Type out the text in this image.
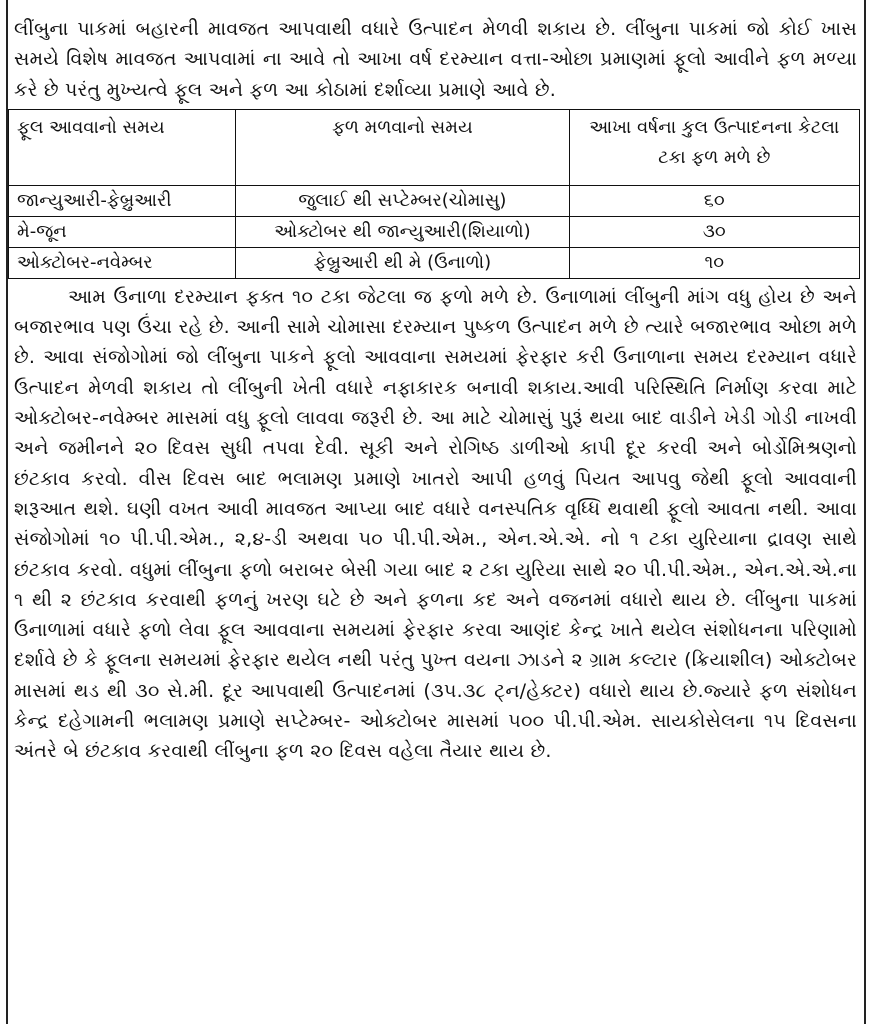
લીંબુના પાકમાં બહારની માવજત આપવાથી વધારે ઉત્પાદન મેળવી શકાય છે. લીંબુના પાકમાં જો કોઈ ખાસ સમયે વિશેષ માવજત આપવામાં ના આવે તો આખા વર્ષ દરમ્યાન વત્તા-ઓછા પ્રમાણમાં ફૂલો આવીને ફળ મળ્યા કરે છે પરંતુ મુખ્યત્વે ફૂલ અને ફળ આ કોઠામાં દર્શાવ્યા પ્રમાણે આવે છે.

ફૂલ આવવાનો સમય	ફળ મળવાનો સમય	આખા વર્ષના કુલ ઉત્પાદનના કેટલા ટકા ફળ મળે છે
જાન્યુઆરી-ફેબ્રુઆરી	જુલાઈ થી સપ્ટેમ્બર(ચોમાસુ)	૬૦
મે-જૂન	ઓક્ટોબર થી જાન્યુઆરી(શિયાળો)	૩૦
ઓક્ટોબર-નવેમ્બર	ફેબ્રુઆરી થી મે (ઉનાળો)	૧૦

આમ ઉનાળા દરમ્યાન ફક્ત ૧૦ ટકા જેટલા જ ફળો મળે છે. ઉનાળામાં લીંબુની માંગ વધુ હોય છે અને બજારભાવ પણ ઉંચા રહે છે. આની સામે ચોમાસા દરમ્યાન પુષ્કળ ઉત્પાદન મળે છે ત્યારે બજારભાવ ઓછા મળે છે. આવા સંજોગોમાં જો લીંબુના પાકને ફૂલો આવવાના સમયમાં ફેરફાર કરી ઉનાળાના સમય દરમ્યાન વધારે ઉત્પાદન મેળવી શકાય તો લીંબુની ખેતી વધારે નફાકારક બનાવી શકાય.આવી પરિસ્થિતિ નિર્માણ કરવા માટે ઓક્ટોબર-નવેમ્બર માસમાં વધુ ફૂલો લાવવા જરૂરી છે. આ માટે ચોમાસું પુરૂં થયા બાદ વાડીને ખેડી ગોડી નાખવી અને જમીનને ૨૦ દિવસ સુધી તપવા દેવી. સૂકી અને રોગિષ્ઠ ડાળીઓ કાપી દૂર કરવી અને બોર્ડોમિશ્રણનો છંટકાવ કરવો. વીસ દિવસ બાદ ભલામણ પ્રમાણે ખાતરો આપી હળવું પિયત આપવુ જેથી ફૂલો આવવાની શરૂઆત થશે. ઘણી વખત આવી માવજત આપ્યા બાદ વધારે વનસ્પતિક વૃધ્ધિ થવાથી ફૂલો આવતા નથી. આવા સંજોગોમાં ૧૦ પી.પી.એમ., ૨,૪-ડી અથવા ૫૦ પી.પી.એમ., એન.એ.એ. નો ૧ ટકા યુરિયાના દ્રાવણ સાથે છંટકાવ કરવો. વધુમાં લીંબુના ફળો બરાબર બેસી ગયા બાદ ૨ ટકા યુરિયા સાથે ૨૦ પી.પી.એમ., એન.એ.એ.ના ૧ થી ૨ છંટકાવ કરવાથી ફળનું ખરણ ઘટે છે અને ફળના કદ અને વજનમાં વધારો થાય છે. લીંબુના પાકમાં ઉનાળામાં વધારે ફળો લેવા ફૂલ આવવાના સમયમાં ફેરફાર કરવા આણંદ કેન્દ્ર ખાતે થયેલ સંશોધનના પરિણામો દર્શાવે છે કે ફૂલના સમયમાં ફેરફાર થયેલ નથી પરંતુ પુખ્ત વયના ઝાડને ૨ ગ્રામ કલ્ટાર (ક્રિયાશીલ) ઓક્ટોબર માસમાં થડ થી ૩૦ સે.મી. દૂર આપવાથી ઉત્પાદનમાં (૩૫.૩૮ ટ્ન/હેક્ટર) વધારો થાય છે.જ્યારે ફળ સંશોધન કેન્દ્ર દહેગામની ભલામણ પ્રમાણે સપ્ટેમ્બર- ઓક્ટોબર માસમાં ૫૦૦ પી.પી.એમ. સાયકોસેલના ૧૫ દિવસના અંતરે બે છંટકાવ કરવાથી લીંબુના ફળ ૨૦ દિવસ વહેલા તૈયાર થાય છે.
